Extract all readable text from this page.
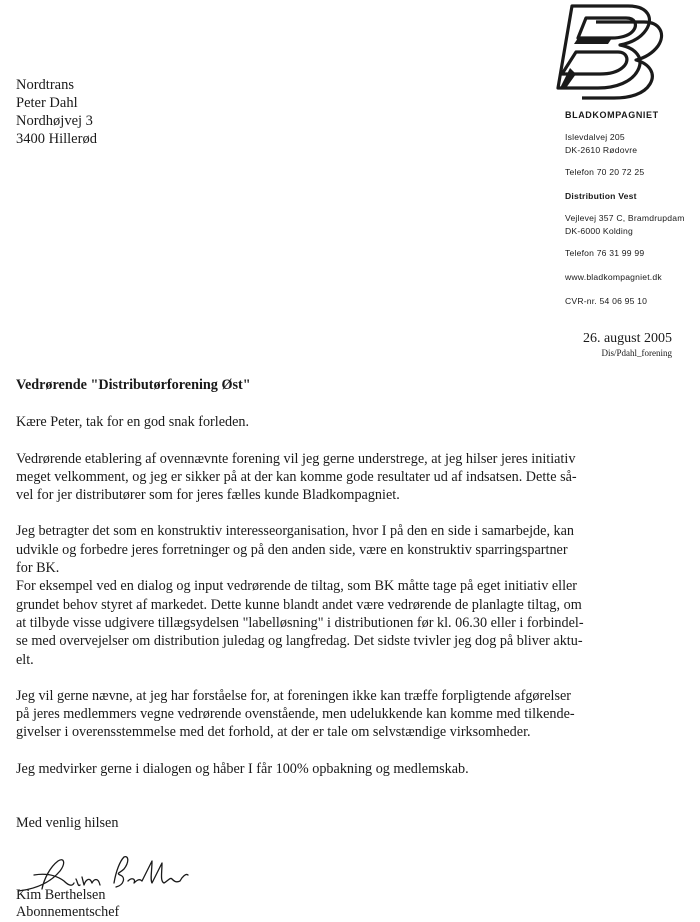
Nordtrans
Peter Dahl
Nordhøjvej 3
3400 Hillerød
BLADKOMPAGNIET
Islevdalvej 205
DK-2610 Rødovre
Telefon 70 20 72 25
Distribution Vest
Vejlevej 357 C, Bramdrupdam
DK-6000 Kolding
Telefon 76 31 99 99
www.bladkompagniet.dk
CVR-nr. 54 06 95 10
26. august 2005
Dis/Pdahl_forening

Vedrørende "Distributørforening Øst"

Kære Peter, tak for en god snak forleden.

Vedrørende etablering af ovennævnte forening vil jeg gerne understrege, at jeg hilser jeres initiativ

meget velkomment, og jeg er sikker på at der kan komme gode resultater ud af indsatsen. Dette så-

vel for jer distributører som for jeres fælles kunde Bladkompagniet.

Jeg betragter det som en konstruktiv interesseorganisation, hvor I på den en side i samarbejde, kan

udvikle og forbedre jeres forretninger og på den anden side, være en konstruktiv sparringspartner

for BK.

For eksempel ved en dialog og input vedrørende de tiltag, som BK måtte tage på eget initiativ eller

grundet behov styret af markedet. Dette kunne blandt andet være vedrørende de planlagte tiltag, om

at tilbyde visse udgivere tillægsydelsen "labelløsning" i distributionen før kl. 06.30 eller i forbindel-

se med overvejelser om distribution juledag og langfredag. Det sidste tvivler jeg dog på bliver aktu-

elt.

Jeg vil gerne nævne, at jeg har forståelse for, at foreningen ikke kan træffe forpligtende afgørelser

på jeres medlemmers vegne vedrørende ovenstående, men udelukkende kan komme med tilkende-

givelser i overensstemmelse med det forhold, at der er tale om selvstændige virksomheder.

Jeg medvirker gerne i dialogen og håber I får 100% opbakning og medlemskab.

Med venlig hilsen

Kim Berthelsen
Abonnementschef
